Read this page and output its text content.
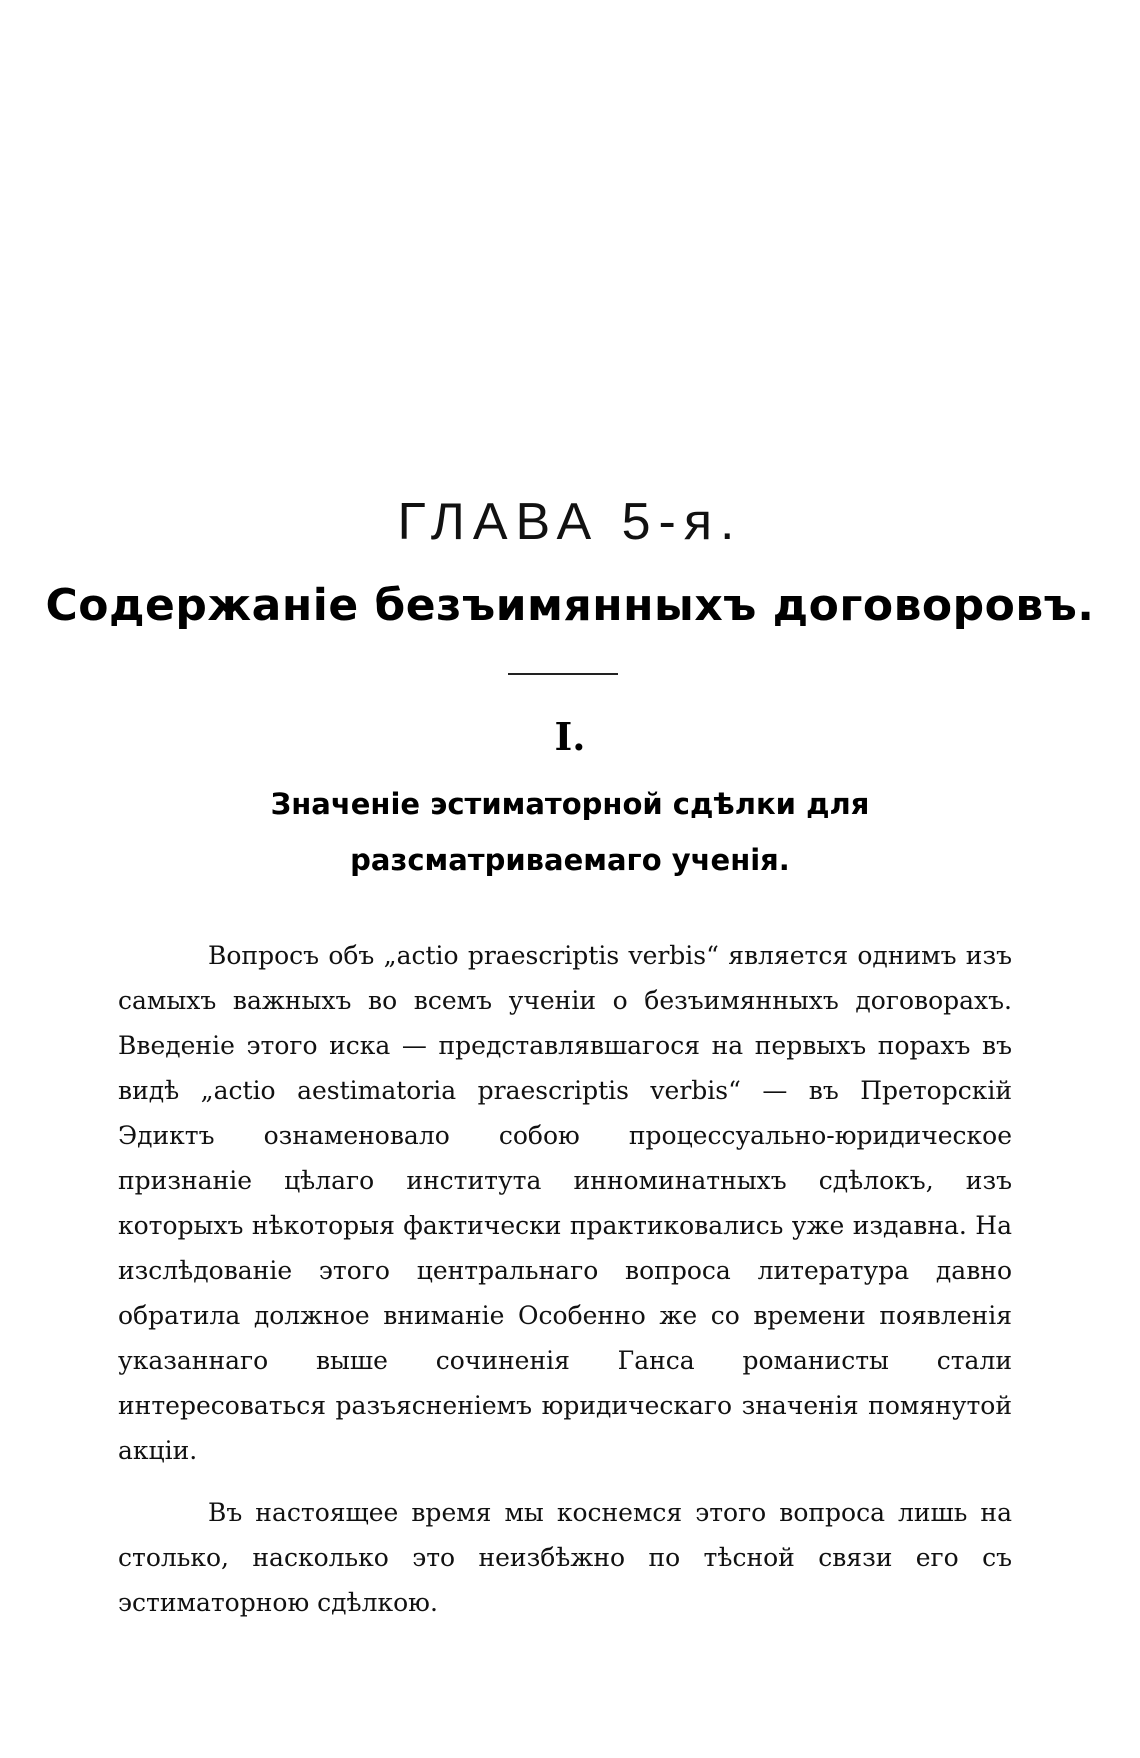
ГЛАВА 5-я.
Содержаніе безъимянныхъ договоровъ.
I.
Значеніе эстиматорной сдѣлки для разсматриваемаго ученія.

Вопросъ объ „actio praescriptis verbis“ является однимъ изъ самыхъ важныхъ во всемъ ученіи о безъимянныхъ договорахъ. Введеніе этого иска — представлявшагося на первыхъ порахъ въ видѣ „actio aestimatoria praescriptis verbis“ — въ Преторскій Эдиктъ ознаменовало собою процессуально-юридическое признаніе цѣлаго института инноминатныхъ сдѣлокъ, изъ которыхъ нѣкоторыя фактически практиковались уже издавна. На изслѣдованіе этого центральнаго вопроса литература давно обратила должное вниманіе Особенно же со времени появленія указаннаго выше сочиненія Ганса романисты стали интересоваться разъясненіемъ юридическаго значенія помянутой акціи.

Въ настоящее время мы коснемся этого вопроса лишь на столько, насколько это неизбѣжно по тѣсной связи его съ эстиматорною сдѣлкою.
